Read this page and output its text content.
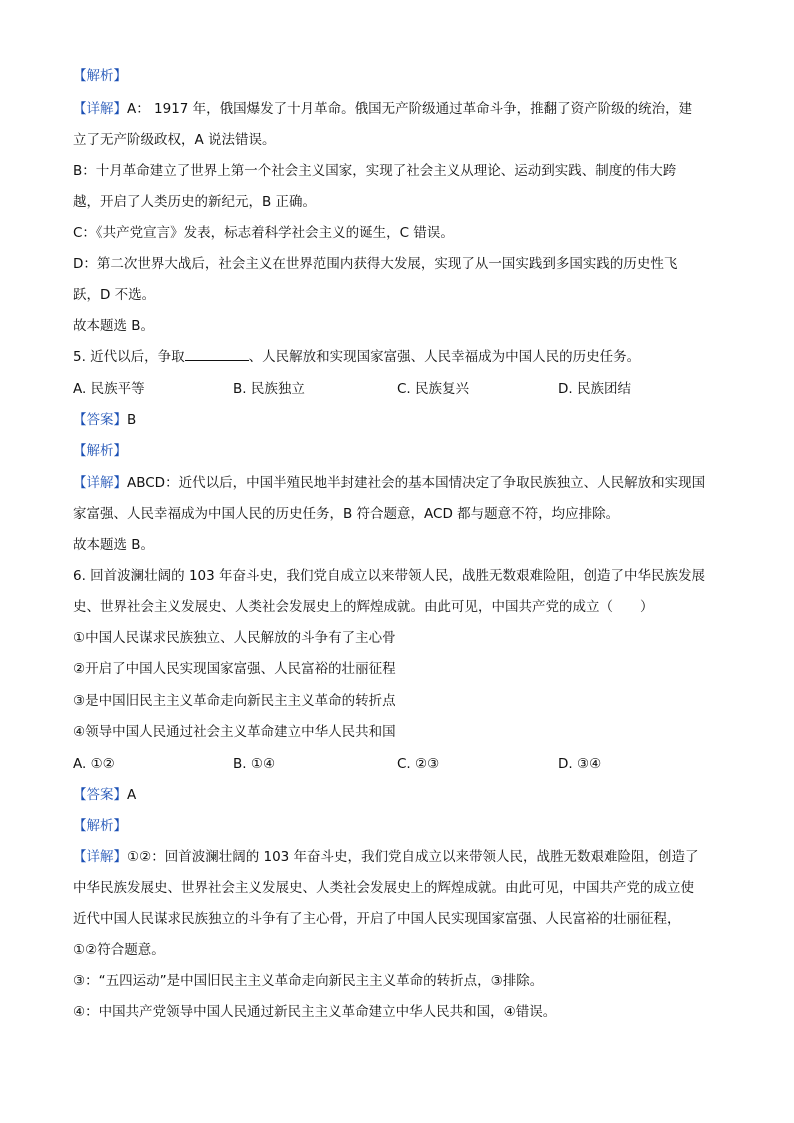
【解析】
【详解】A： 1917 年，俄国爆发了十月革命。俄国无产阶级通过革命斗争，推翻了资产阶级的统治，建
立了无产阶级政权，A 说法错误。
B：十月革命建立了世界上第一个社会主义国家，实现了社会主义从理论、运动到实践、制度的伟大跨
越，开启了人类历史的新纪元，B 正确。
C：《共产党宣言》发表，标志着科学社会主义的诞生，C 错误。
D：第二次世界大战后，社会主义在世界范围内获得大发展，实现了从一国实践到多国实践的历史性飞
跃，D 不选。
故本题选 B。
5. 近代以后，争取	、人民解放和实现国家富强、人民幸福成为中国人民的历史任务。
A. 民族平等	B. 民族独立	C. 民族复兴	D. 民族团结
【答案】B
【解析】
【详解】ABCD：近代以后，中国半殖民地半封建社会的基本国情决定了争取民族独立、人民解放和实现国
家富强、人民幸福成为中国人民的历史任务，B 符合题意，ACD 都与题意不符，均应排除。
故本题选 B。
6. 回首波澜壮阔的 103 年奋斗史，我们党自成立以来带领人民，战胜无数艰难险阻，创造了中华民族发展
史、世界社会主义发展史、人类社会发展史上的辉煌成就。由此可见，中国共产党的成立（　　）
①中国人民谋求民族独立、人民解放的斗争有了主心骨
②开启了中国人民实现国家富强、人民富裕的壮丽征程
③是中国旧民主主义革命走向新民主主义革命的转折点
④领导中国人民通过社会主义革命建立中华人民共和国
A. ①②	B. ①④	C. ②③	D. ③④
【答案】A
【解析】
【详解】①②：回首波澜壮阔的 103 年奋斗史，我们党自成立以来带领人民，战胜无数艰难险阻，创造了
中华民族发展史、世界社会主义发展史、人类社会发展史上的辉煌成就。由此可见，中国共产党的成立使
近代中国人民谋求民族独立的斗争有了主心骨，开启了中国人民实现国家富强、人民富裕的壮丽征程，
①②符合题意。
③：“五四运动”是中国旧民主主义革命走向新民主主义革命的转折点，③排除。
④：中国共产党领导中国人民通过新民主主义革命建立中华人民共和国，④错误。
